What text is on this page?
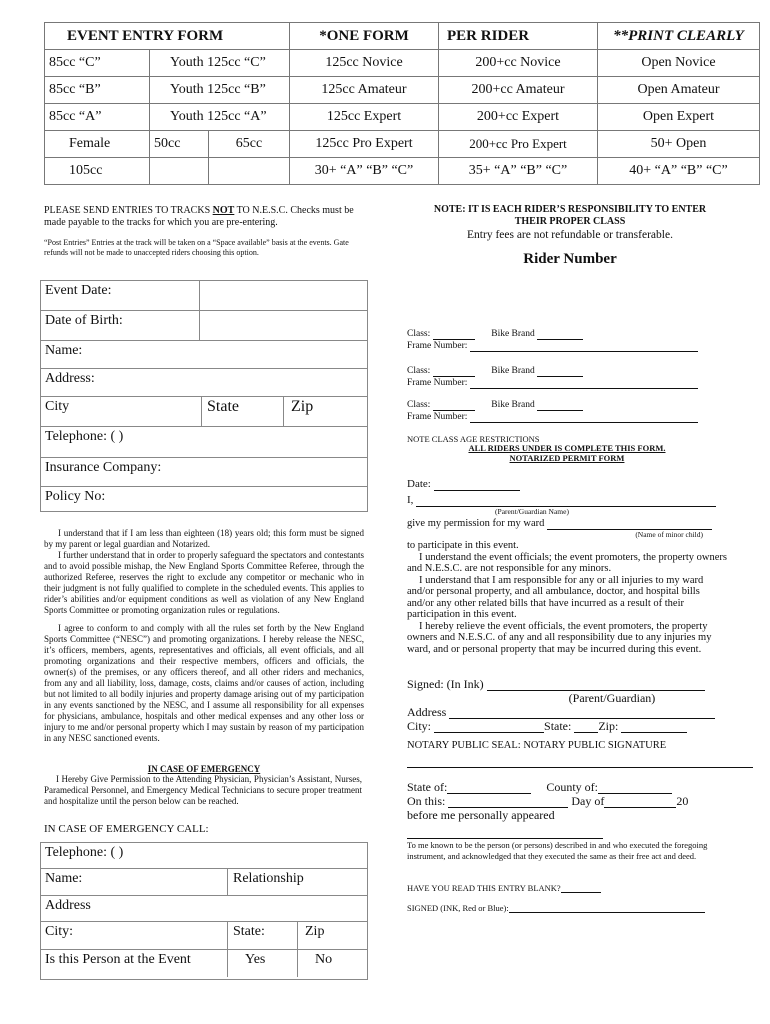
EVENT ENTRY FORM			*ONE FORM	PER RIDER	**PRINT CLEARLY
85cc “C”	Youth 125cc “C”		125cc Novice	200+cc Novice	Open Novice
85cc “B”	Youth 125cc “B”		125cc Amateur	200+cc Amateur	Open Amateur
85cc “A”	Youth 125cc “A”		125cc Expert	200+cc Expert	Open Expert
Female	50cc	65cc	125cc Pro Expert	200+cc Pro Expert	50+ Open
105cc			30+ “A” “B” “C”	35+ “A” “B” “C”	40+ “A” “B” “C”
PLEASE SEND ENTRIES TO TRACKS NOT TO N.E.S.C. Checks must be made payable to the tracks for which you are pre-entering.
“Post Entries” Entries at the track will be taken on a “Space available” basis at the events. Gate refunds will not be made to unaccepted riders choosing this option.
NOTE: IT IS EACH RIDER’S RESPONSIBILITY TO ENTER THEIR PROPER CLASS
Entry fees are not refundable or transferable.
Rider Number
Event Date:
Date of Birth:
Name:
Address:
City	State	Zip
Telephone: ( )
Insurance Company:
Policy No:
Class:	Bike Brand
Frame Number:
Class:	Bike Brand
Frame Number:
Class:	Bike Brand
Frame Number:
NOTE CLASS AGE RESTRICTIONS
ALL RIDERS UNDER IS COMPLETE THIS FORM.
NOTARIZED PERMIT FORM
Date:
I,
(Parent/Guardian Name)
give my permission for my ward
(Name of minor child)
to participate in this event.
I understand the event officials; the event promoters, the property owners and N.E.S.C. are not responsible for any minors.
I understand that I am responsible for any or all injuries to my ward and/or personal property, and all ambulance, doctor, and hospital bills and/or any other related bills that have incurred as a result of their participation in this event.
I hereby relieve the event officials, the event promoters, the property owners and N.E.S.C. of any and all responsibility due to any injuries my ward, and or personal property that may be incurred during this event.
Signed: (In Ink)
(Parent/Guardian)
Address
City:	State: Zip:
NOTARY PUBLIC SEAL: NOTARY PUBLIC SIGNATURE
State of:	County of:
On this:	Day of	20
before me personally appeared
To me known to be the person (or persons) described in and who executed the foregoing instrument, and acknowledged that they executed the same as their free act and deed.
HAVE YOU READ THIS ENTRY BLANK?
SIGNED (INK, Red or Blue):
I understand that if I am less than eighteen (18) years old; this form must be signed by my parent or legal guardian and Notarized.
I further understand that in order to properly safeguard the spectators and contestants and to avoid possible mishap, the New England Sports Committee Referee, through the authorized Referee, reserves the right to exclude any competitor or mechanic who in their judgment is not fully qualified to complete in the scheduled events. This applies to rider’s abilities and/or equipment conditions as well as violation of any New England Sports Committee or promoting organization rules or regulations.
I agree to conform to and comply with all the rules set forth by the New England Sports Committee (“NESC”) and promoting organizations. I hereby release the NESC, it’s officers, members, agents, representatives and officials, all event officials, and all promoting organizations and their respective members, officers and officials, the owner(s) of the premises, or any officers thereof, and all other riders and mechanics, from any and all liability, loss, damage, costs, claims and/or causes of action, including but not limited to all bodily injuries and property damage arising out of my participation in any events sanctioned by the NESC, and I assume all responsibility for all expenses for physicians, ambulance, hospitals and other medical expenses and any other loss or injury to me and/or personal property which I may sustain by reason of my participation in any NESC sanctioned events.
IN CASE OF EMERGENCY
I Hereby Give Permission to the Attending Physician, Physician’s Assistant, Nurses, Paramedical Personnel, and Emergency Medical Technicians to secure proper treatment and hospitalize until the person below can be reached.
IN CASE OF EMERGENCY CALL:
Telephone: ( )
Name:	Relationship
Address
City:	State:	Zip
Is this Person at the Event	Yes	No
